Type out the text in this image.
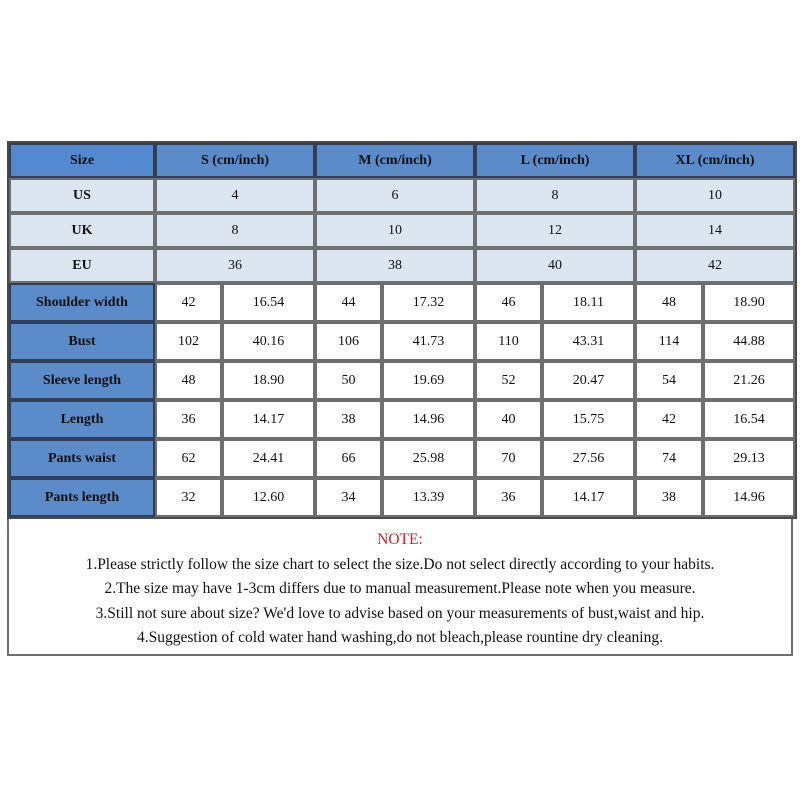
Size	S (cm/inch)		M (cm/inch)		L (cm/inch)		XL (cm/inch)	
US	4		6		8		10	
UK	8		10		12		14	
EU	36		38		40		42	
Shoulder width	42	16.54	44	17.32	46	18.11	48	18.90
Bust	102	40.16	106	41.73	110	43.31	114	44.88
Sleeve length	48	18.90	50	19.69	52	20.47	54	21.26
Length	36	14.17	38	14.96	40	15.75	42	16.54
Pants waist	62	24.41	66	25.98	70	27.56	74	29.13
Pants length	32	12.60	34	13.39	36	14.17	38	14.96
NOTE:
1.Please strictly follow the size chart to select the size.Do not select directly according to your habits.
2.The size may have 1-3cm differs due to manual measurement.Please note when you measure.
3.Still not sure about size? We'd love to advise based on your measurements of bust,waist and hip.
4.Suggestion of cold water hand washing,do not bleach,please rountine dry cleaning.
